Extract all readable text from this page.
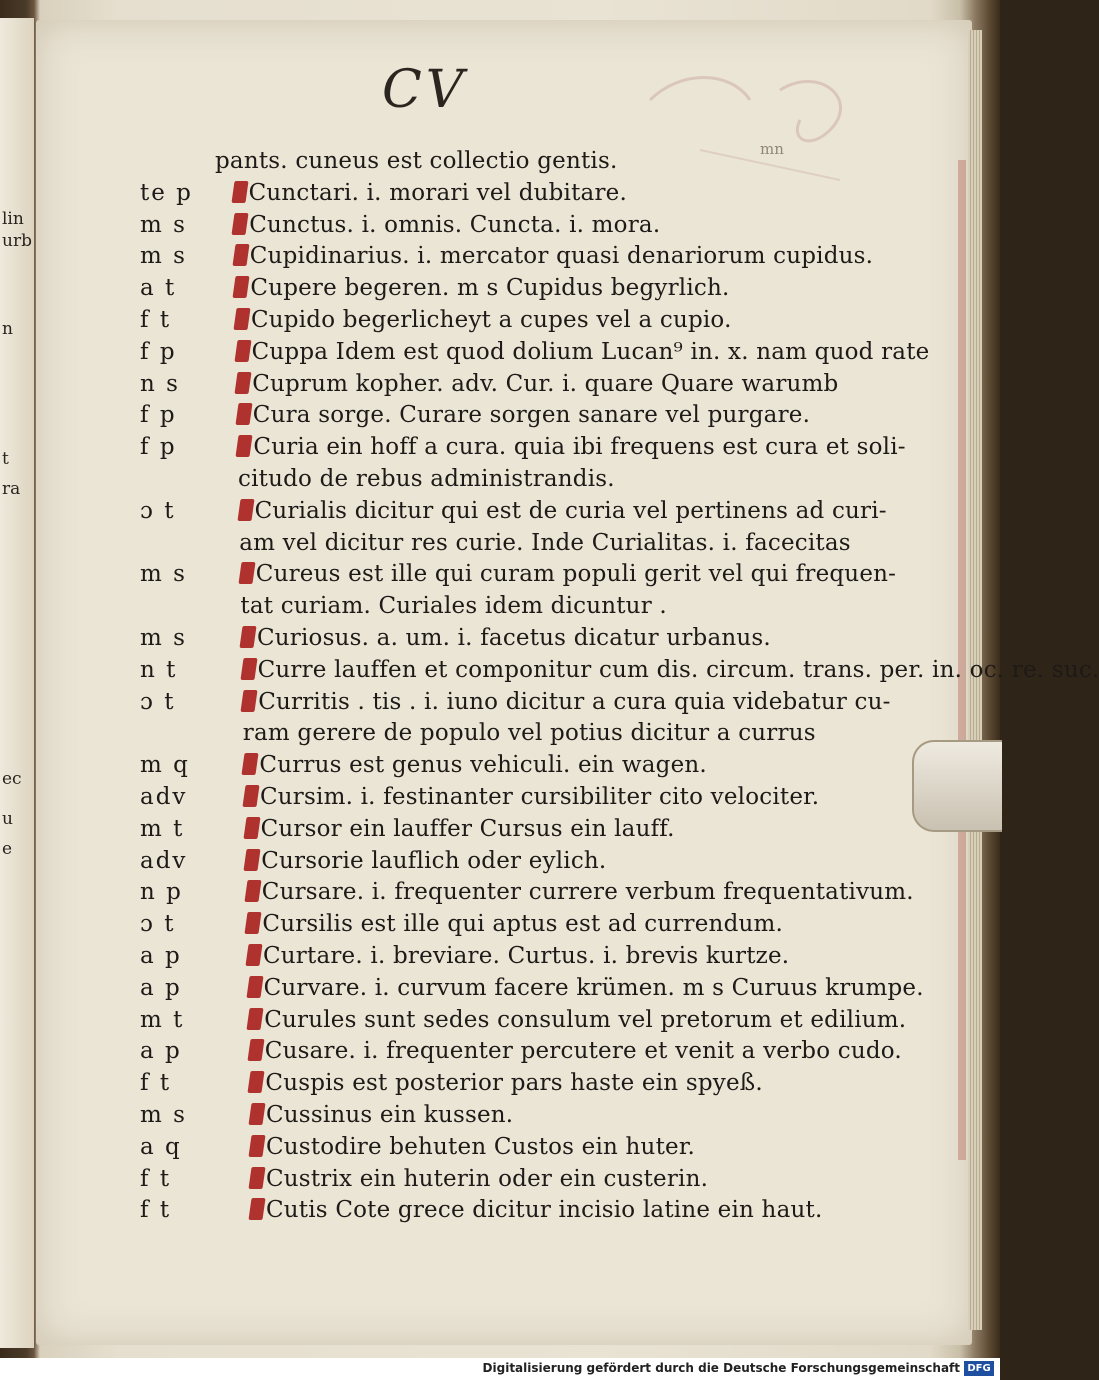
lin
urb
n
t
ra
ec
u
e
CV
mn
pants. cuneus est collectio gentis.
te p	Cunctari. i. morari vel dubitare.
m s	Cunctus. i. omnis. Cuncta. i. mora.
m s	Cupidinarius. i. mercator quasi denariorum cupidus.
a t	Cupere begeren. m s Cupidus begyrlich.
f t	Cupido begerlicheyt a cupes vel a cupio.
f p	Cuppa Idem est quod dolium Lucan⁹ in. x. nam quod rate
n s	Cuprum kopher. adv. Cur. i. quare Quare warumb
f p	Cura sorge. Curare sorgen sanare vel purgare.
f p	Curia ein hoff a cura. quia ibi frequens est cura et soli-
citudo de rebus administrandis.
ɔ t	Curialis dicitur qui est de curia vel pertinens ad curi-
am vel dicitur res curie. Inde Curialitas. i. facecitas
m s	Cureus est ille qui curam populi gerit vel qui frequen-
tat curiam. Curiales idem dicuntur .
m s	Curiosus. a. um. i. facetus dicatur urbanus.
n t	Curre lauffen et componitur cum dis. circum. trans. per. in. oc. re. suc.
ɔ t	Curritis . tis . i. iuno dicitur a cura quia videbatur cu-
ram gerere de populo vel potius dicitur a currus
m q	Currus est genus vehiculi. ein wagen.
adv	Cursim. i. festinanter cursibiliter cito velociter.
m t	Cursor ein lauffer Cursus ein lauff.
adv	Cursorie lauflich oder eylich.
n p	Cursare. i. frequenter currere verbum frequentativum.
ɔ t	Cursilis est ille qui aptus est ad currendum.
a p	Curtare. i. breviare. Curtus. i. brevis kurtze.
a p	Curvare. i. curvum facere krümen. m s Curuus krumpe.
m t	Curules sunt sedes consulum vel pretorum et edilium.
a p	Cusare. i. frequenter percutere et venit a verbo cudo.
f t	Cuspis est posterior pars haste ein spyeß.
m s	Cussinus ein kussen.
a q	Custodire behuten Custos ein huter.
f t	Custrix ein huterin oder ein custerin.
f t	Cutis Cote grece dicitur incisio latine ein haut.
Digitalisierung gefördert durch die Deutsche Forschungsgemeinschaft DFG
